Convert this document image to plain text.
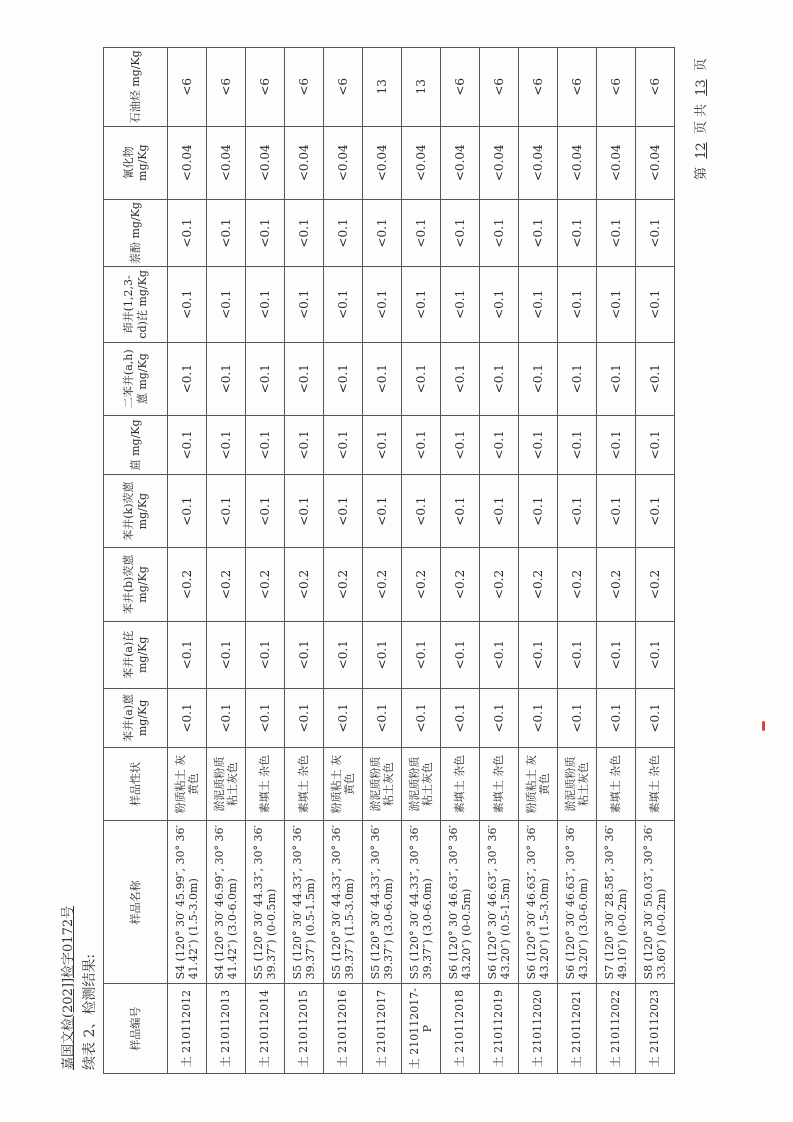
嘉国文检(202]]检字0172号 续表 2、检测结果:	样品编号	样品名称	样品性状	苯并(a)蒽 mg/Kg	苯并(a)芘 mg/Kg	苯并(b)荧蒽 mg/Kg	苯并(k)荧蒽 mg/Kg	䓛 mg/Kg	二苯并(a,h)蒽 mg/Kg	茚并(1,2,3-cd)芘 mg/Kg	萘酚 mg/Kg	氰化物 mg/Kg	石油烃 mg/Kg
土 210112012	S4 (120° 30′ 45.99″, 30° 36′ 41.42″) (1.5-3.0m)	粉质粘土 灰黄色	<0.1	<0.1	<0.2	<0.1	<0.1	<0.1	<0.1	<0.1	<0.04	<6
土 210112013	S4 (120° 30′ 46.99″, 30° 36′ 41.42″) (3.0-6.0m)	淤泥质粉质 粘土灰色	<0.1	<0.1	<0.2	<0.1	<0.1	<0.1	<0.1	<0.1	<0.04	<6
土 210112014	S5 (120° 30′ 44.33″, 30° 36′ 39.37″) (0-0.5m)	素填土 杂色	<0.1	<0.1	<0.2	<0.1	<0.1	<0.1	<0.1	<0.1	<0.04	<6
土 210112015	S5 (120° 30′ 44.33″, 30° 36′ 39.37″) (0.5-1.5m)	素填土 杂色	<0.1	<0.1	<0.2	<0.1	<0.1	<0.1	<0.1	<0.1	<0.04	<6
土 210112016	S5 (120° 30′ 44.33″, 30° 36′ 39.37″) (1.5-3.0m)	粉质粘土 灰黄色	<0.1	<0.1	<0.2	<0.1	<0.1	<0.1	<0.1	<0.1	<0.04	<6
土 210112017	S5 (120° 30′ 44.33″, 30° 36′ 39.37″) (3.0-6.0m)	淤泥质粉质 粘土灰色	<0.1	<0.1	<0.2	<0.1	<0.1	<0.1	<0.1	<0.1	<0.04	13
土 210112017-P	S5 (120° 30′ 44.33″, 30° 36′ 39.37″) (3.0-6.0m)	淤泥质粉质 粘土灰色	<0.1	<0.1	<0.2	<0.1	<0.1	<0.1	<0.1	<0.1	<0.04	13
土 210112018	S6 (120° 30′ 46.63″, 30° 36′ 43.20″) (0-0.5m)	素填土 杂色	<0.1	<0.1	<0.2	<0.1	<0.1	<0.1	<0.1	<0.1	<0.04	<6
土 210112019	S6 (120° 30′ 46.63″, 30° 36′ 43.20″) (0.5-1.5m)	素填土 杂色	<0.1	<0.1	<0.2	<0.1	<0.1	<0.1	<0.1	<0.1	<0.04	<6
土 210112020	S6 (120° 30′ 46.63″, 30° 36′ 43.20″) (1.5-3.0m)	粉质粘土 灰黄色	<0.1	<0.1	<0.2	<0.1	<0.1	<0.1	<0.1	<0.1	<0.04	<6
土 210112021	S6 (120° 30′ 46.63″, 30° 36′ 43.20″) (3.0-6.0m)	淤泥质粉质 粘土灰色	<0.1	<0.1	<0.2	<0.1	<0.1	<0.1	<0.1	<0.1	<0.04	<6
土 210112022	S7 (120° 30′ 28.58″, 30° 36′ 49.10″) (0-0.2m)	素填土 杂色	<0.1	<0.1	<0.2	<0.1	<0.1	<0.1	<0.1	<0.1	<0.04	<6
土 210112023	S8 (120° 30′ 50.03″, 30° 36′ 33.60″) (0-0.2m)	素填土 杂色	<0.1	<0.1	<0.2	<0.1	<0.1	<0.1	<0.1	<0.1	<0.04	<6
第 12 页 共 13 页
